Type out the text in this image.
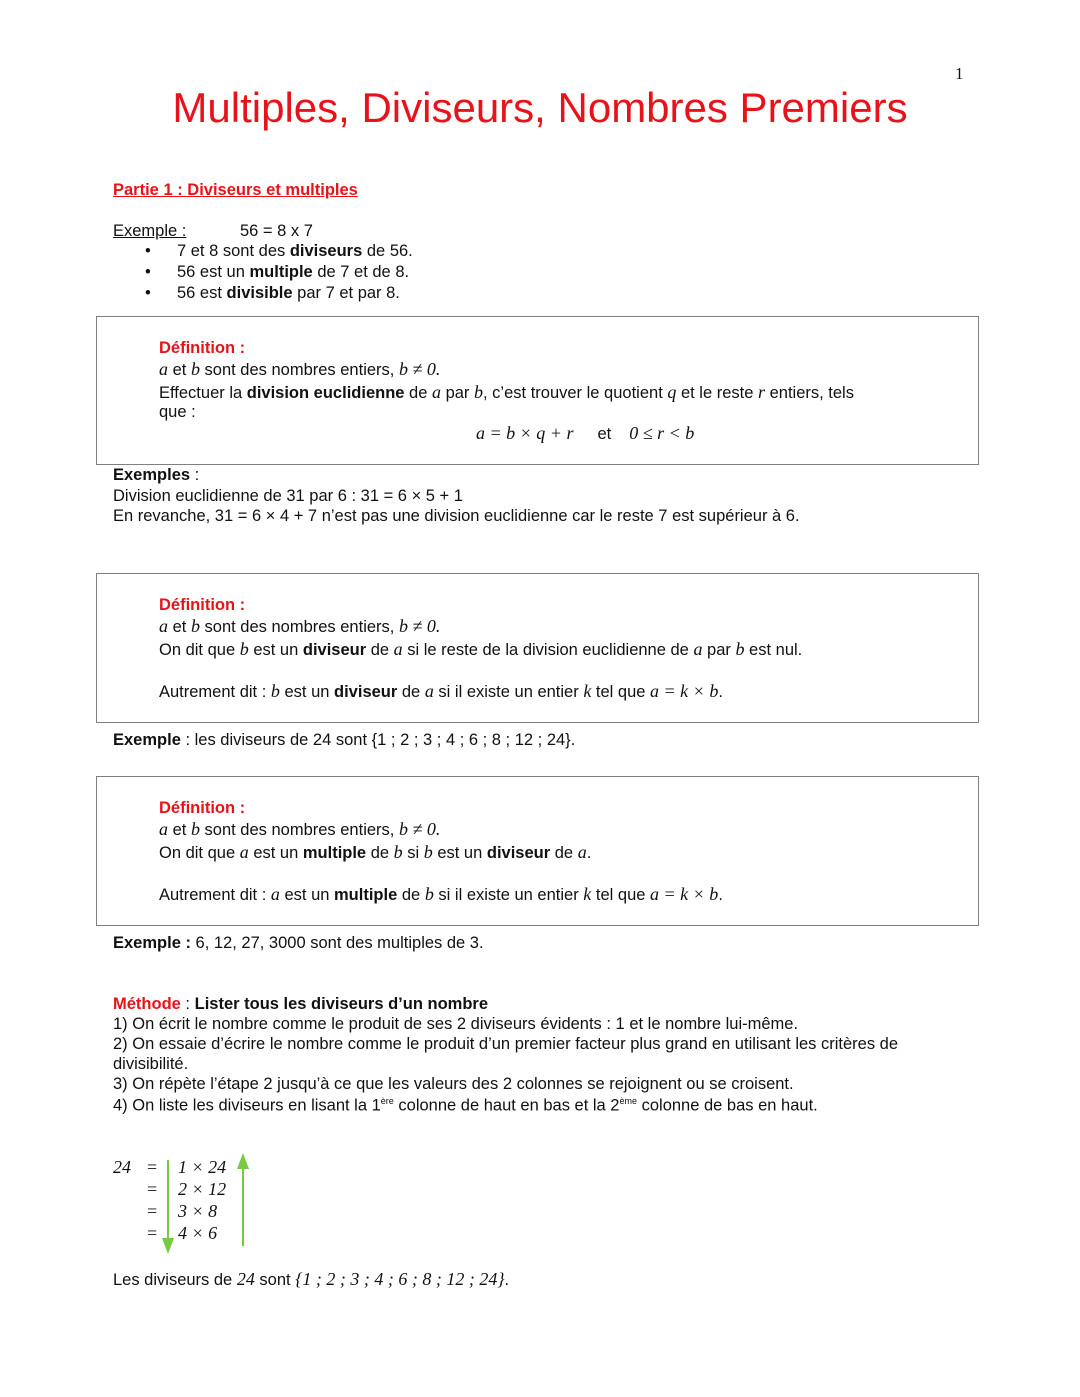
1
Multiples, Diviseurs, Nombres Premiers
Partie 1 : Diviseurs et multiples
Exemple :	56 = 8 x 7
• 7 et 8 sont des diviseurs de 56.
• 56 est un multiple de 7 et de 8.
• 56 est divisible par 7 et par 8.
Définition :
a et b sont des nombres entiers, b ≠ 0.
Effectuer la division euclidienne de a par b, c’est trouver le quotient q et le reste r entiers, tels
que :
a = b × q + r et 0 ≤ r < b
Exemples :
Division euclidienne de 31 par 6 : 31 = 6 × 5 + 1
En revanche, 31 = 6 × 4 + 7 n’est pas une division euclidienne car le reste 7 est supérieur à 6.
Définition :
a et b sont des nombres entiers, b ≠ 0.
On dit que b est un diviseur de a si le reste de la division euclidienne de a par b est nul.
Autrement dit : b est un diviseur de a si il existe un entier k tel que a = k × b.
Exemple : les diviseurs de 24 sont {1 ; 2 ; 3 ; 4 ; 6 ; 8 ; 12 ; 24}.
Définition :
a et b sont des nombres entiers, b ≠ 0.
On dit que a est un multiple de b si b est un diviseur de a.
Autrement dit : a est un multiple de b si il existe un entier k tel que a = k × b.
Exemple : 6, 12, 27, 3000 sont des multiples de 3.
Méthode : Lister tous les diviseurs d’un nombre
1) On écrit le nombre comme le produit de ses 2 diviseurs évidents : 1 et le nombre lui-même.
2) On essaie d’écrire le nombre comme le produit d’un premier facteur plus grand en utilisant les critères de
divisibilité.
3) On répète l’étape 2 jusqu’à ce que les valeurs des 2 colonnes se rejoignent ou se croisent.
4) On liste les diviseurs en lisant la 1ère colonne de haut en bas et la 2ème colonne de bas en haut.
24 =
=
=
=
1 × 24
2 × 12
3 × 8
4 × 6
Les diviseurs de 24 sont {1 ; 2 ; 3 ; 4 ; 6 ; 8 ; 12 ; 24}.
